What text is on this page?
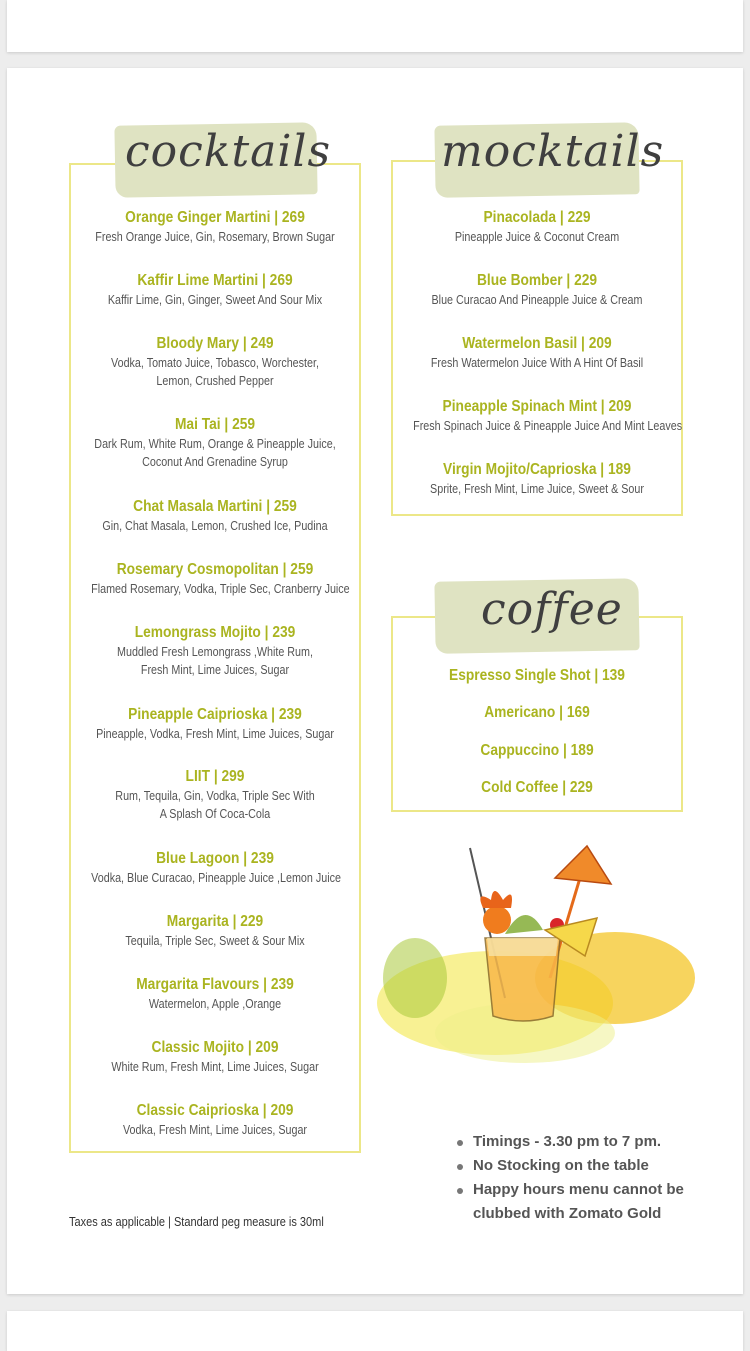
cocktails
Orange Ginger Martini | 269
Fresh Orange Juice, Gin, Rosemary, Brown Sugar
Kaffir Lime Martini | 269
Kaffir Lime, Gin, Ginger, Sweet And Sour Mix
Bloody Mary | 249
Vodka, Tomato Juice, Tobasco, Worchester,
Lemon, Crushed Pepper
Mai Tai | 259
Dark Rum, White Rum, Orange & Pineapple Juice,
Coconut And Grenadine Syrup
Chat Masala Martini | 259
Gin, Chat Masala, Lemon, Crushed Ice, Pudina
Rosemary Cosmopolitan | 259
Flamed Rosemary, Vodka, Triple Sec, Cranberry Juice
Lemongrass Mojito | 239
Muddled Fresh Lemongrass ,White Rum,
Fresh Mint, Lime Juices, Sugar
Pineapple Caiprioska | 239
Pineapple, Vodka, Fresh Mint, Lime Juices, Sugar
LIIT | 299
Rum, Tequila, Gin, Vodka, Triple Sec With
A Splash Of Coca-Cola
Blue Lagoon | 239
Vodka, Blue Curacao, Pineapple Juice ,Lemon Juice
Margarita | 229
Tequila, Triple Sec, Sweet & Sour Mix
Margarita Flavours | 239
Watermelon, Apple ,Orange
Classic Mojito | 209
White Rum, Fresh Mint, Lime Juices, Sugar
Classic Caiprioska | 209
Vodka, Fresh Mint, Lime Juices, Sugar
mocktails
Pinacolada | 229
Pineapple Juice & Coconut Cream
Blue Bomber | 229
Blue Curacao And Pineapple Juice & Cream
Watermelon Basil | 209
Fresh Watermelon Juice With A Hint Of Basil
Pineapple Spinach Mint | 209
Fresh Spinach Juice & Pineapple Juice And Mint Leaves
Virgin Mojito/Caprioska | 189
Sprite, Fresh Mint, Lime Juice, Sweet & Sour
coffee
Espresso Single Shot | 139
Americano | 169
Cappuccino | 189
Cold Coffee | 229
Timings - 3.30 pm to 7 pm.
No Stocking on the table
Happy hours menu cannot be clubbed with Zomato Gold
Taxes as applicable | Standard peg measure is 30ml
